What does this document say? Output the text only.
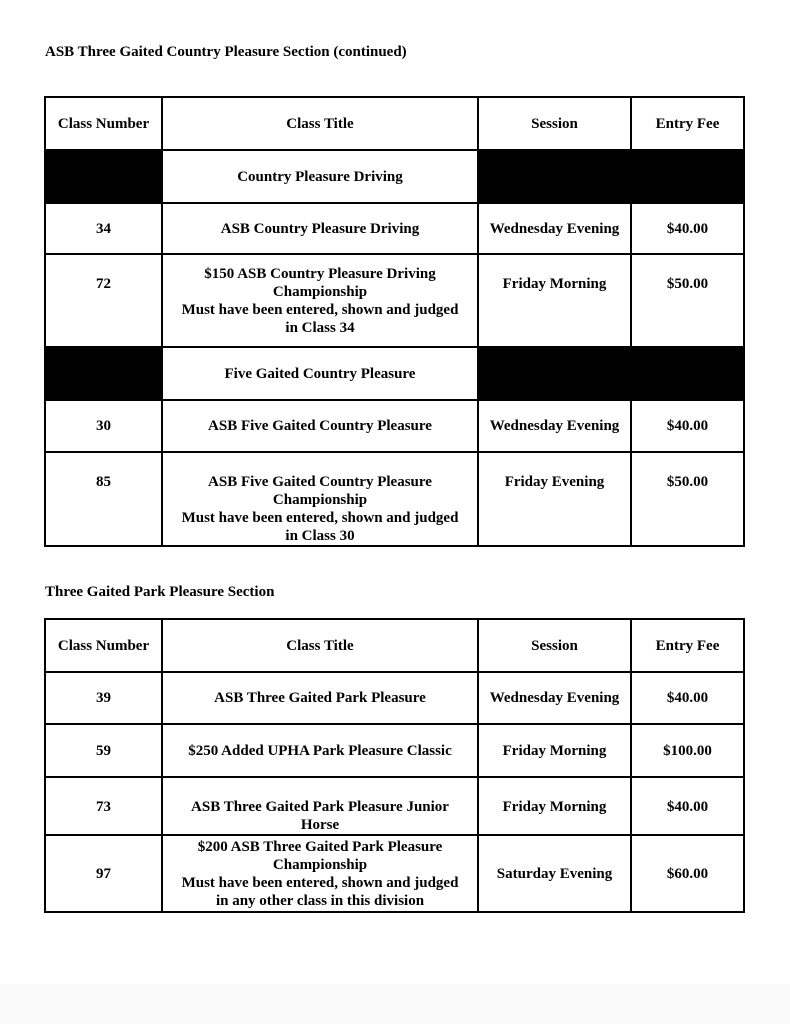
ASB Three Gaited Country Pleasure Section (continued)
Class Number	Class Title	Session	Entry Fee
	Country Pleasure Driving		
34	ASB Country Pleasure Driving	Wednesday Evening	$40.00
72	$150 ASB Country Pleasure Driving
Championship
Must have been entered, shown and judged
in Class 34	Friday Morning	$50.00
	Five Gaited Country Pleasure		
30	ASB Five Gaited Country Pleasure	Wednesday Evening	$40.00
85	ASB Five Gaited Country Pleasure
Championship
Must have been entered, shown and judged
in Class 30	Friday Evening	$50.00
Three Gaited Park Pleasure Section
Class Number	Class Title	Session	Entry Fee
39	ASB Three Gaited Park Pleasure	Wednesday Evening	$40.00
59	$250 Added UPHA Park Pleasure Classic	Friday Morning	$100.00
73	ASB Three Gaited Park Pleasure Junior
Horse	Friday Morning	$40.00
97	$200 ASB Three Gaited Park Pleasure
Championship
Must have been entered, shown and judged
in any other class in this division	Saturday Evening	$60.00
